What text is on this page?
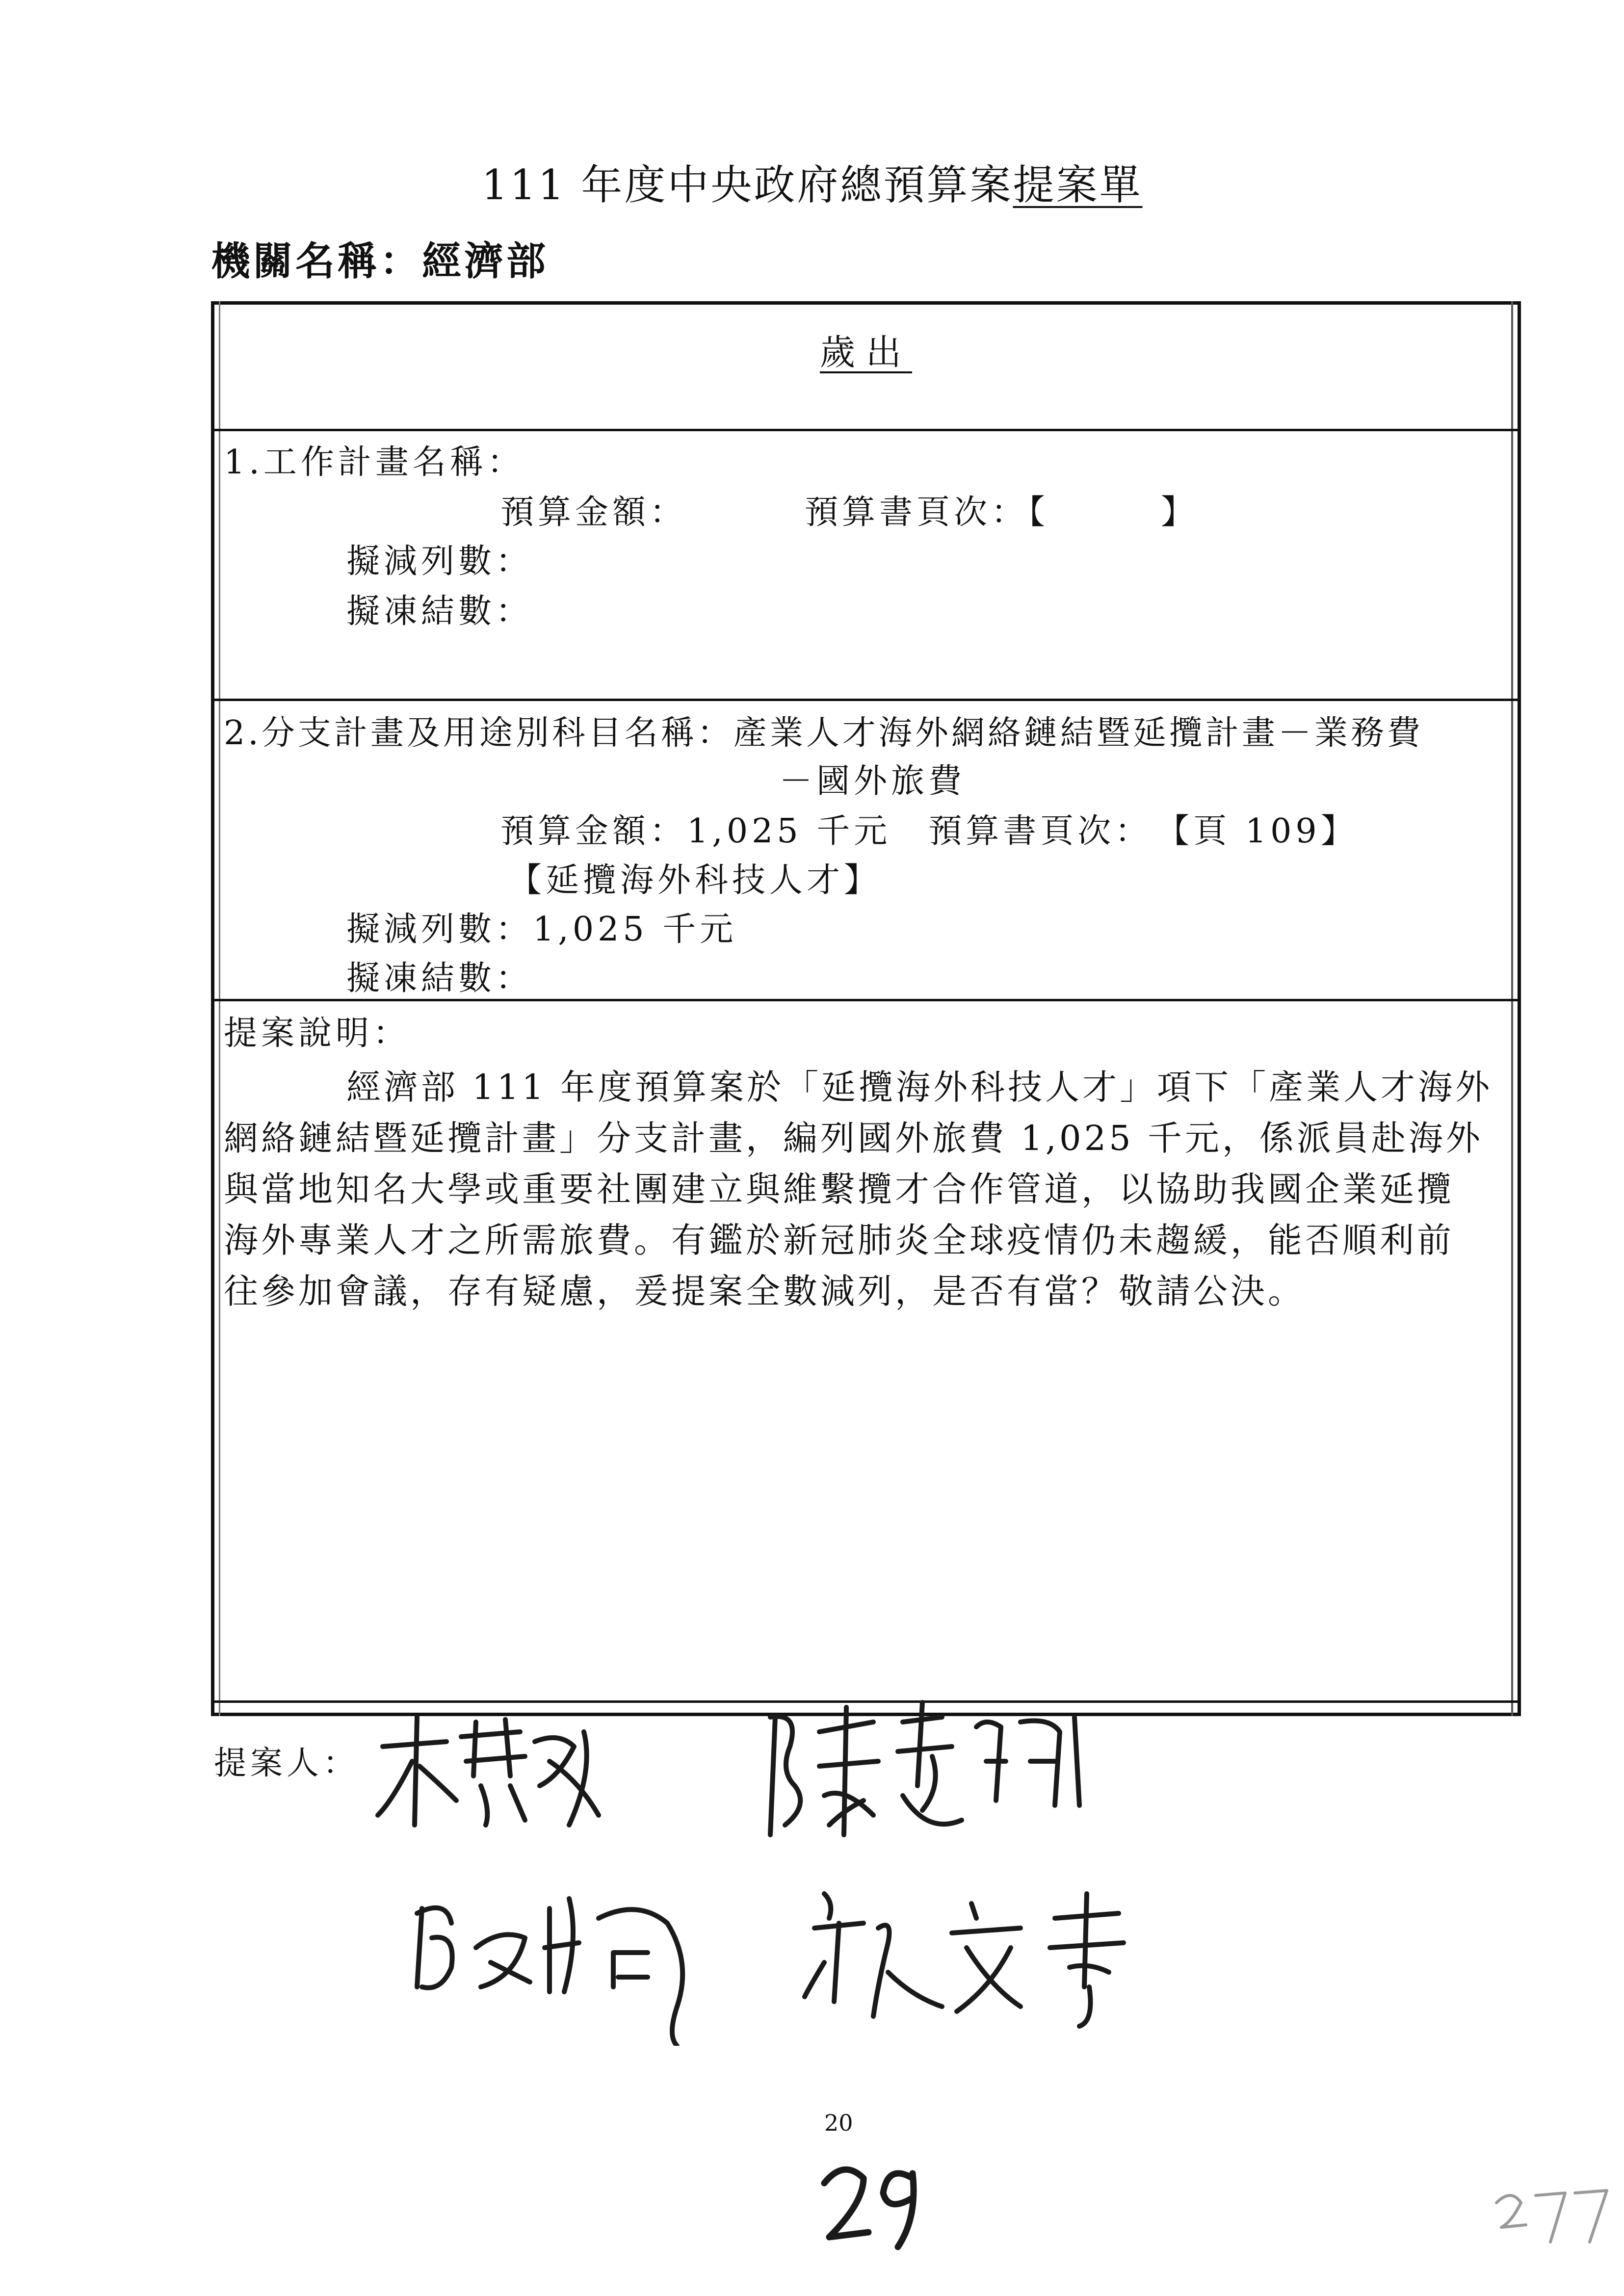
111 年度中央政府總預算案提案單
機關名稱：經濟部
歲出
1.工作計畫名稱：
預算金額：	預算書頁次：【　　　】
擬減列數：
擬凍結數：
2.分支計畫及用途別科目名稱：產業人才海外網絡鏈結暨延攬計畫－業務費
－國外旅費
預算金額：1,025 千元　預算書頁次：　【頁 109】
【延攬海外科技人才】
擬減列數：1,025 千元
擬凍結數：
提案說明：
經濟部 111 年度預算案於「延攬海外科技人才」項下「產業人才海外
網絡鏈結暨延攬計畫」分支計畫，編列國外旅費 1,025 千元，係派員赴海外
與當地知名大學或重要社團建立與維繫攬才合作管道，以協助我國企業延攬
海外專業人才之所需旅費。有鑑於新冠肺炎全球疫情仍未趨緩，能否順利前
往參加會議，存有疑慮，爰提案全數減列，是否有當？敬請公決。
提案人：
20
